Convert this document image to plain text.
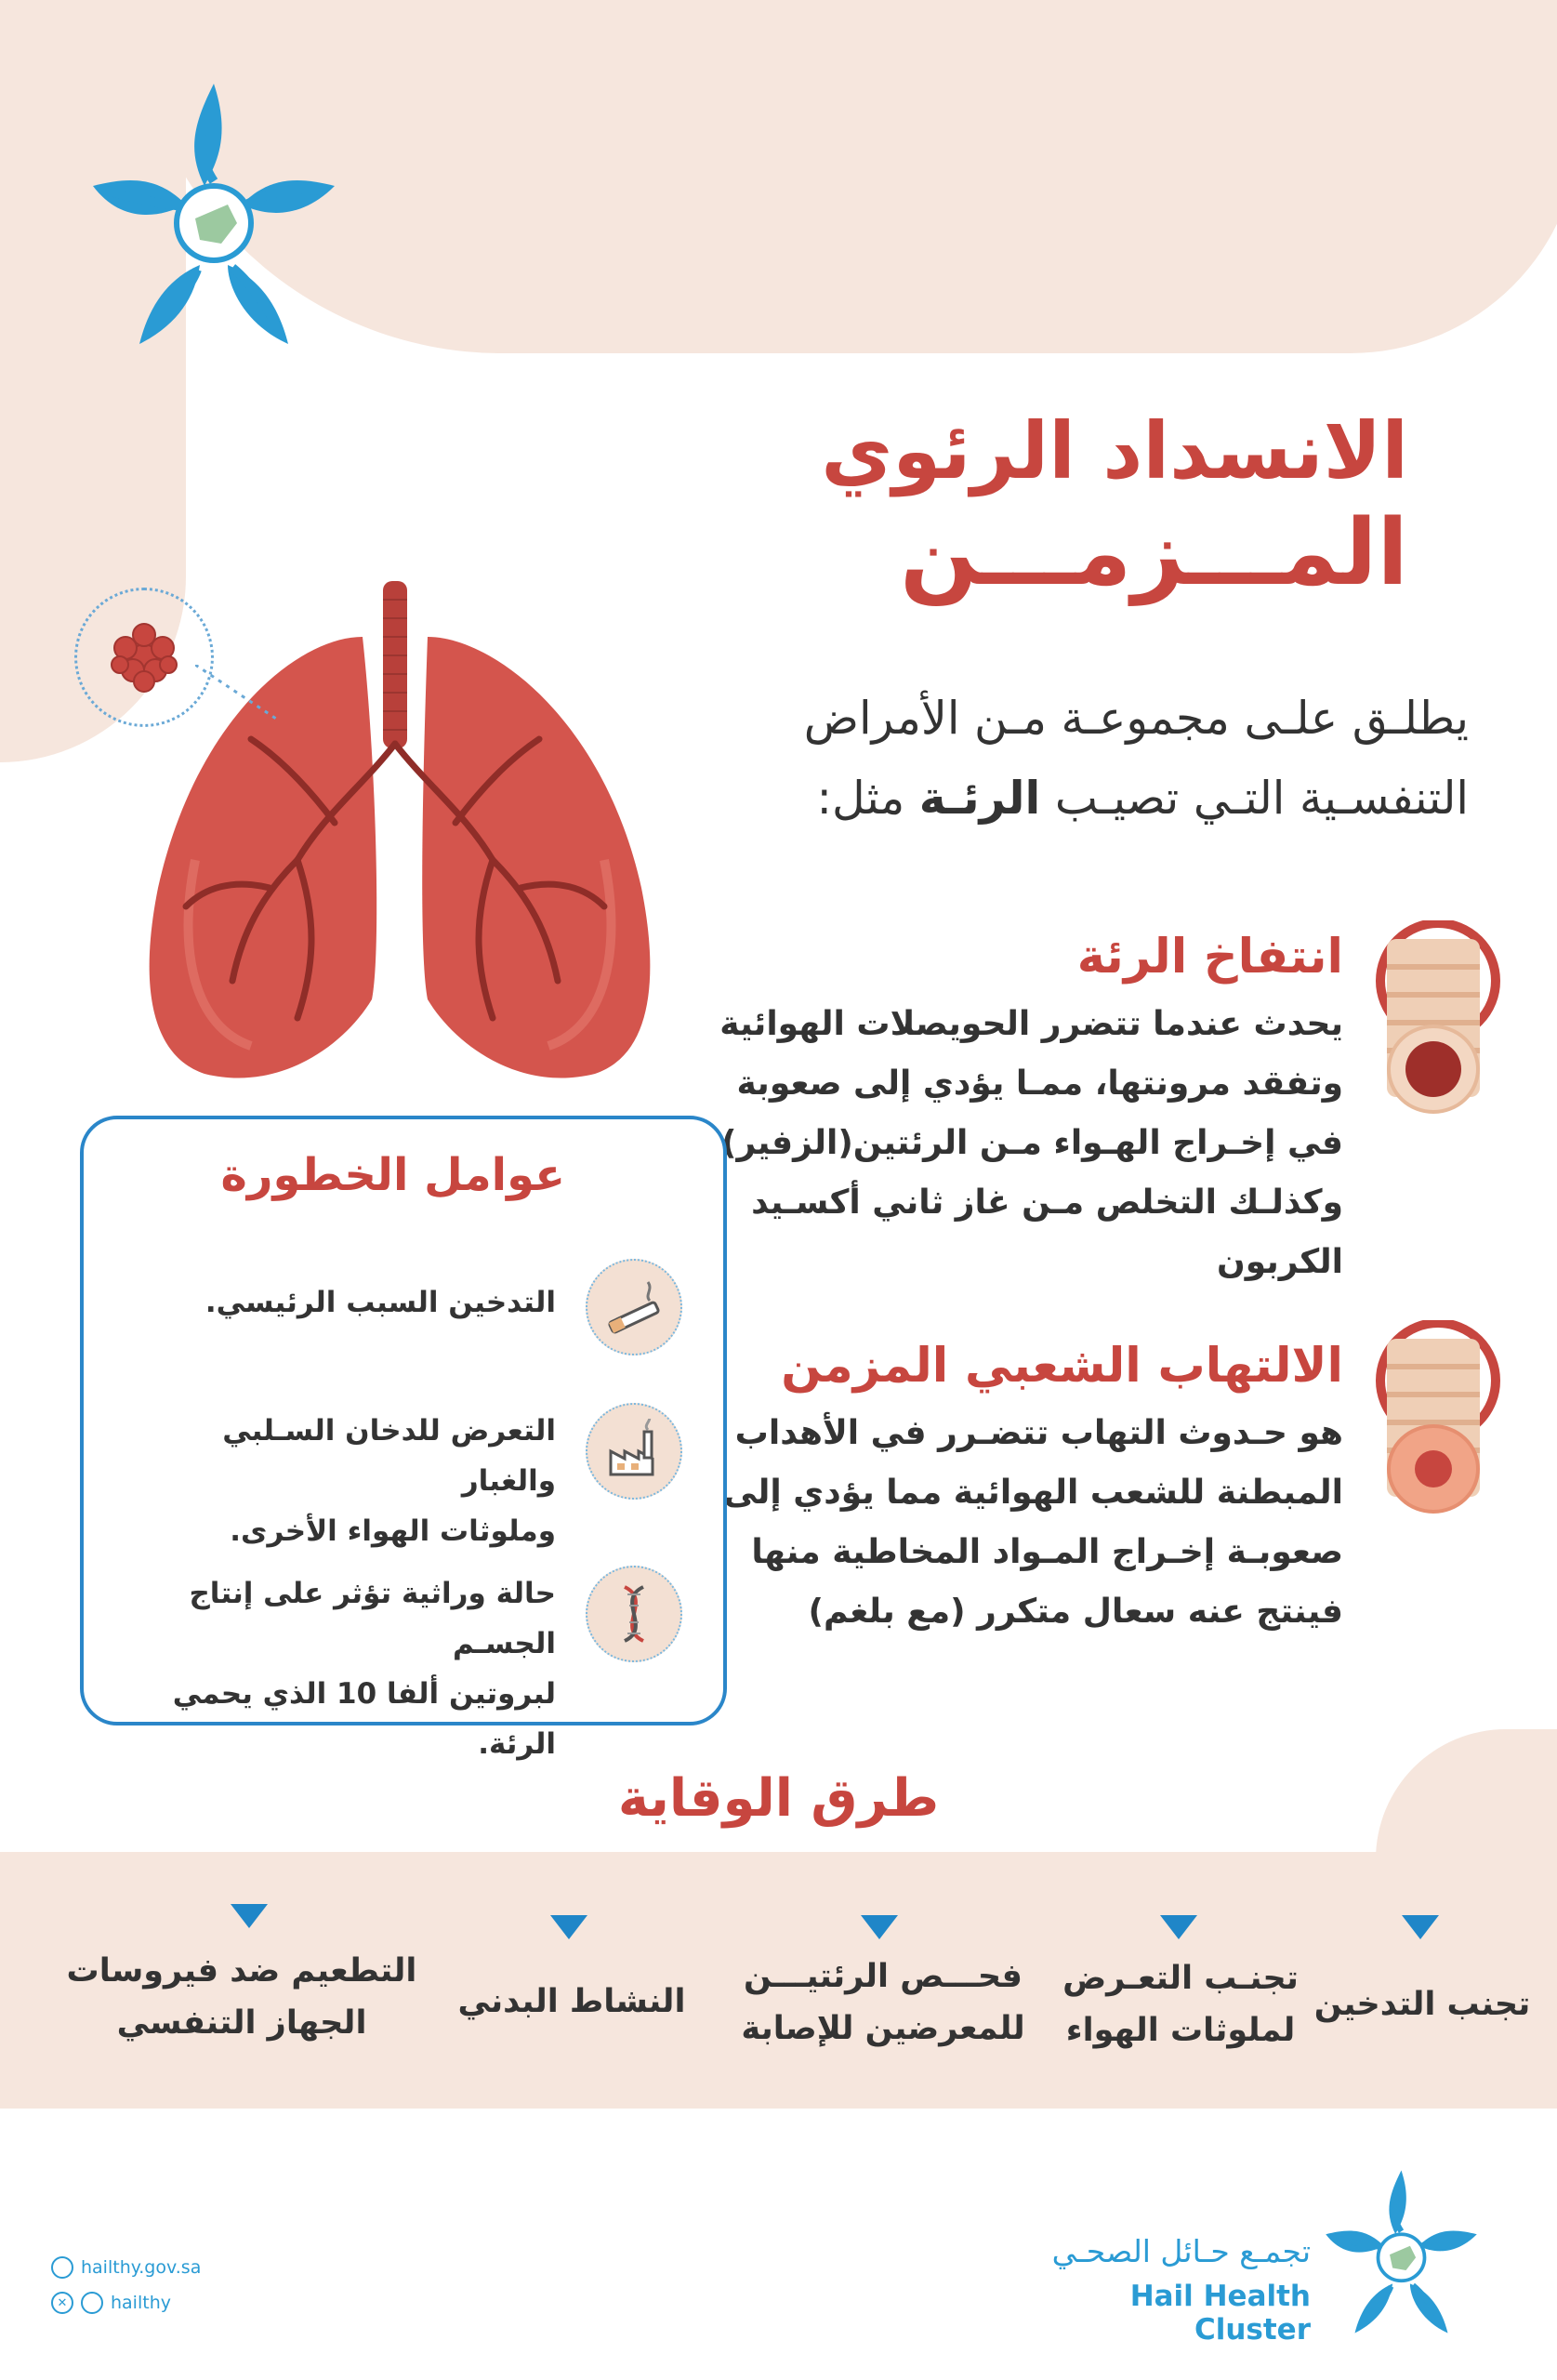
الانسداد الرئوي
المـــزمـــن
يطلـق علـى مجموعـة مـن الأمراض
التنفسـية التـي تصيـب الرئـة مثل:
انتفاخ الرئة
يحدث عندما تتضرر الحويصلات الهوائية
وتفقد مرونتها، ممـا يؤدي إلى صعوبة
في إخـراج الهـواء مـن الرئتين(الزفير)
وكذلـك التخلص مـن غاز ثاني أكسـيد
الكربون
الالتهاب الشعبي المزمن
هو حـدوث التهاب تتضـرر في الأهداب
المبطنة للشعب الهوائية مما يؤدي إلى
صعوبـة إخـراج المـواد المخاطية منها
فينتج عنه سعال متكرر (مع بلغم)
عوامل الخطورة
التدخين السبب الرئيسي.
التعرض للدخان السـلبي والغبار
وملوثات الهواء الأخرى.
حالة وراثية تؤثر على إنتاج الجسـم
لبروتين ألفا 10 الذي يحمي الرئة.
طرق الوقاية
تجنب التدخين
تجنـب التعـرض
لملوثات الهواء
فحـــص الرئتيـــن
للمعرضين للإصابة
النشاط البدني
التطعيم ضد فيروسات
الجهاز التنفسي
hailthy.gov.sa
✕	hailthy
تجمـع حـائل الصحـي
Hail Health Cluster
